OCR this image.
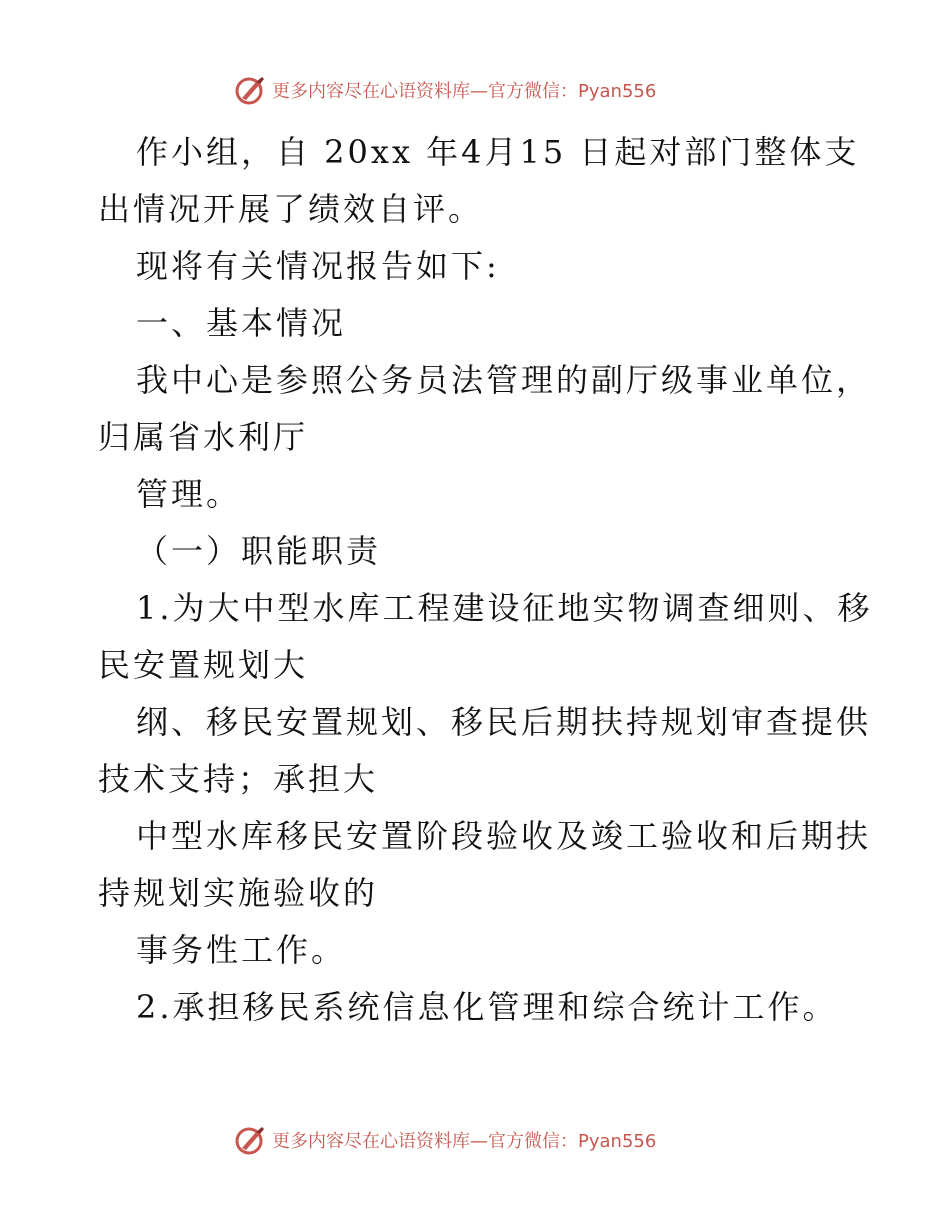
更多内容尽在心语资料库—官方微信：Pyan556
作小组，自 20xx 年4月15 日起对部门整体支
出情况开展了绩效自评。
现将有关情况报告如下:
一、基本情况
我中心是参照公务员法管理的副厅级事业单位，
归属省水利厅
管理。
（一）职能职责
1.为大中型水库工程建设征地实物调查细则、移
民安置规划大
纲、移民安置规划、移民后期扶持规划审查提供
技术支持；承担大
中型水库移民安置阶段验收及竣工验收和后期扶
持规划实施验收的
事务性工作。
2.承担移民系统信息化管理和综合统计工作。
更多内容尽在心语资料库—官方微信：Pyan556
